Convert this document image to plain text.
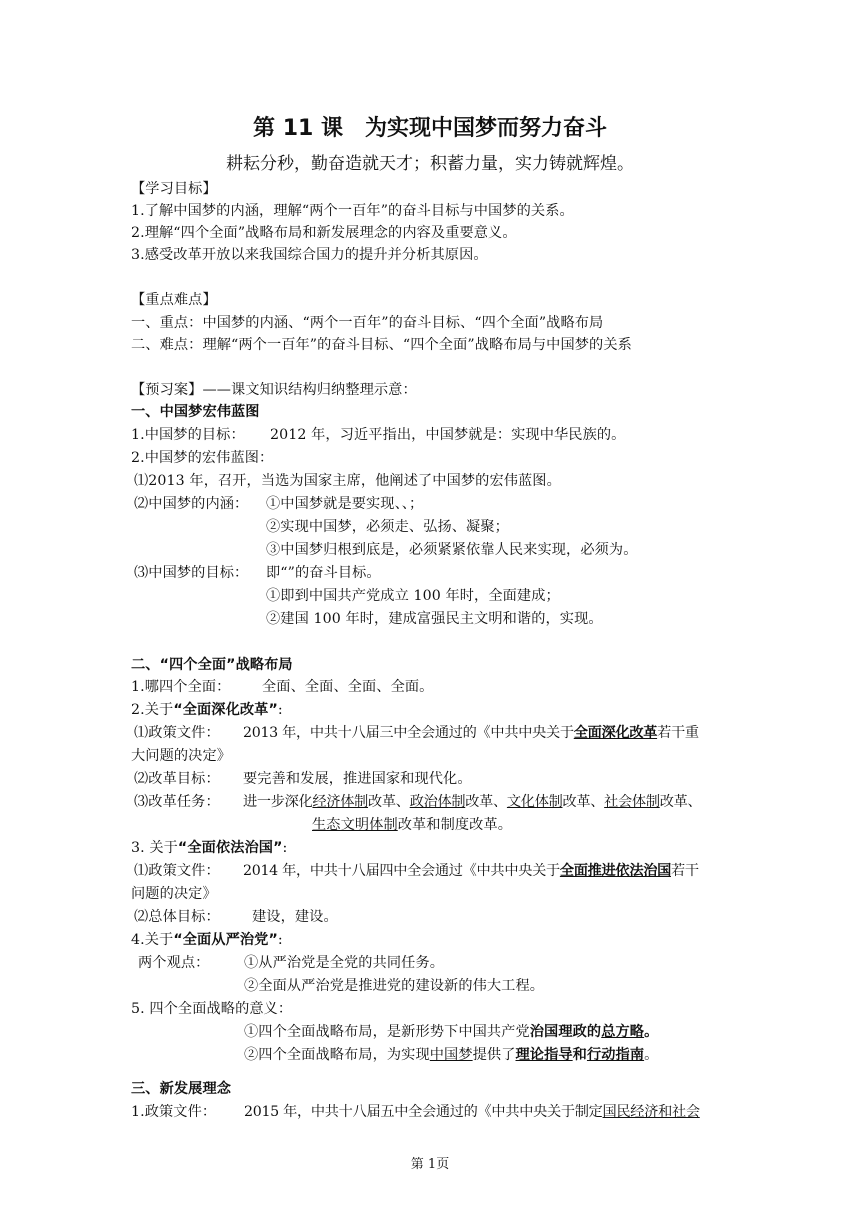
第 11 课　为实现中国梦而努力奋斗
耕耘分秒，勤奋造就天才；积蓄力量，实力铸就辉煌。
【学习目标】
1.了解中国梦的内涵，理解“两个一百年”的奋斗目标与中国梦的关系。
2.理解“四个全面”战略布局和新发展理念的内容及重要意义。
3.感受改革开放以来我国综合国力的提升并分析其原因。
【重点难点】
一、重点：中国梦的内涵、“两个一百年”的奋斗目标、“四个全面”战略布局
二、难点：理解“两个一百年”的奋斗目标、“四个全面”战略布局与中国梦的关系
【预习案】——课文知识结构归纳整理示意：
一、中国梦宏伟蓝图
1.中国梦的目标： 2012 年，习近平指出，中国梦就是：实现中华民族的。
2.中国梦的宏伟蓝图：
⑴2013 年，召开，当选为国家主席，他阐述了中国梦的宏伟蓝图。
⑵中国梦的内涵： ①中国梦就是要实现、、；
②实现中国梦，必须走、弘扬、凝聚；
③中国梦归根到底是，必须紧紧依靠人民来实现，必须为。
⑶中国梦的目标： 即“”的奋斗目标。
①即到中国共产党成立 100 年时，全面建成；
②建国 100 年时，建成富强民主文明和谐的，实现。
二、“四个全面”战略布局
1.哪四个全面： 全面、全面、全面、全面。
2.关于“全面深化改革”:
⑴政策文件： 2013 年，中共十八届三中全会通过的《中共中央关于全面深化改革若干重
大问题的决定》
⑵改革目标： 要完善和发展，推进国家和现代化。
⑶改革任务： 进一步深化经济体制改革、政治体制改革、文化体制改革、社会体制改革、
生态文明体制改革和制度改革。
3. 关于“全面依法治国”:
⑴政策文件： 2014 年，中共十八届四中全会通过《中共中央关于全面推进依法治国若干
问题的决定》
⑵总体目标： 建设，建设。
4.关于“全面从严治党”:
两个观点： ①从严治党是全党的共同任务。
②全面从严治党是推进党的建设新的伟大工程。
5. 四个全面战略的意义：
①四个全面战略布局，是新形势下中国共产党治国理政的总方略。
②四个全面战略布局，为实现中国梦提供了理论指导和行动指南。
三、新发展理念
1.政策文件： 2015 年，中共十八届五中全会通过的《中共中央关于制定国民经济和社会
第 1页
